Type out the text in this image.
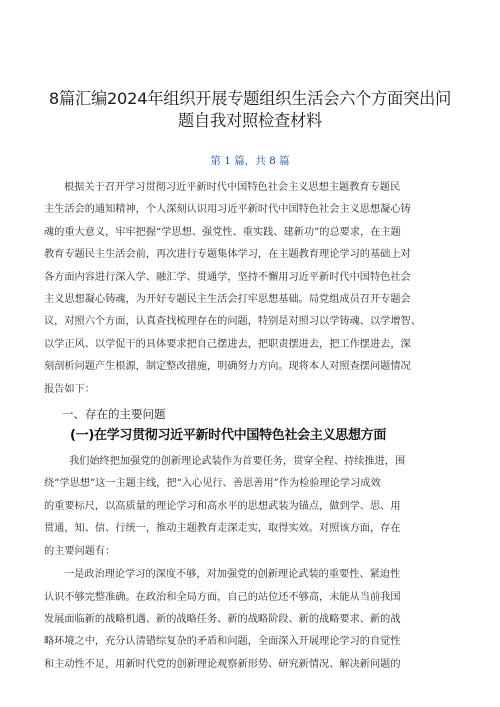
8篇汇编2024年组织开展专题组织生活会六个方面突出问
题自我对照检查材料
第 1 篇，共 8 篇

根据关于召开学习贯彻习近平新时代中国特色社会主义思想主题教育专题民
主生活会的通知精神，个人深刻认识用习近平新时代中国特色社会主义思想凝心铸
魂的重大意义，牢牢把握“学思想、强党性、重实践、建新功”的总要求，在主题
教育专题民主生活会前，再次进行专题集体学习，在主题教育理论学习的基础上对
各方面内容进行深入学、融汇学、贯通学，坚持不懈用习近平新时代中国特色社会
主义思想凝心铸魂，为开好专题民主生活会打牢思想基础。局党组成员召开专题会
议，对照六个方面，认真查找梳理存在的问题，特别是对照习以学铸魂、以学增智、
以学正风、以学促干的具体要求把自己摆进去，把职责摆进去，把工作摆进去，深
刻剖析问题产生根源，制定整改措施，明确努力方向。现将本人对照查摆问题情况
报告如下：

一、存在的主要问题
(一)在学习贯彻习近平新时代中国特色社会主义思想方面

我们始终把加强党的创新理论武装作为首要任务，贯穿全程、持续推进，围
绕“学思想”这一主题主线，把“入心见行、善思善用”作为检验理论学习成效
的重要标尺，以高质量的理论学习和高水平的思想武装为锚点，做到学、思、用
贯通，知、信、行统一，推动主题教育走深走实，取得实效。对照该方面，存在
的主要问题有：

一是政治理论学习的深度不够，对加强党的创新理论武装的重要性、紧迫性
认识不够完整准确。在政治和全局方面，自己的站位还不够高，未能从当前我国
发展面临新的战略机遇、新的战略任务、新的战略阶段、新的战略要求、新的战
略环境之中，充分认清错综复杂的矛盾和问题，全面深入开展理论学习的自觉性
和主动性不足，用新时代党的创新理论观察新形势、研究新情况、解决新问题的
